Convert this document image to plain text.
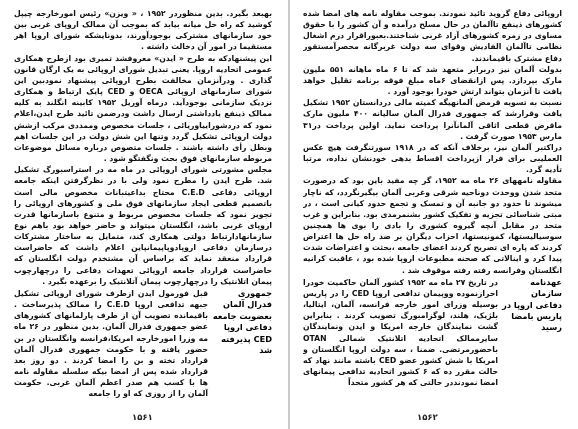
بهبعد بگیرد. بدین منظوردر ۱۹۵۲ ، « ویزن» رئیس امورخارجه چیپل کوشید که راه حل میانه بیابد که بموجب آن ممالک اروپای غربی بین خود سازمانهای مشترکی بوجودآورند، بدونایشکه شورای اروپا اهر مستقیما در امور آن دخالت داشته .

این پیشنهادکه به طرح « ایدن» معروفشد تمیری بود ازطرح همکاری عمومی اتحادیه اروپا. یعنی تبدیل شورای اروپائی به یک ارگان قانون گذاری . ودرآنزمان مخالفت بطرح اروپائی پیشنهاد نمودبین این شورای سازمانهای اروپائی OECA و CED پایک ارتباط و همکاری نزدیک سازمانی بوجودآید. درماه آوریل ۱۹۵۲ کابینه انگلند به کلیه ممالک ذینفع یادداشتی ارسال داشت ودرضمن تائید طرح ایدن،اعلام نمود که دردشوراییاوریائی ، جلسات مخصوص وممددی مرکب ازشش دولت اروپائی تشکیل گردد وتنها این شش دولت در این جلسات اهم وبطل رأی داشته باشند . جلسات متصوص درباره مسائل موضوعات مربوطه سازمانهای فوق بحث ونگفتگو شود .

مجلس مشورتی شورای اروپائی در ماه مه در استراسبورگ تشکیل شد. طرح ایدن را مطرح نمود ولی با در نظرگرفتن اینکه جامعه اروپائی دفاعی C.E.D محتاج بداعیتبانات مخصوص مالی است باتصمیم قطعی ایجاد سازمانهای فوق ملی و کشورهای اروپائی را تجویز نمود که جلسات مخصوص مربوط و متنوع باسازمانها قدرت اروپای غربی باشد، انگلستان میتواند و حاضر خواهد بود باهم نوع سازمانهادارتباط دولتی همکاری کند، متمایل به ساختار مشترکات درسازمان دفاعی اروپادوپاپیمانپاین اعلام داشت که حاضراست قرارداد منعقد نماید که براساس آن مشتخدم دولت انگلستان که حاضراست قرارداد جامعه اروپائی تعهدات دفاعی را درچهارچوب پیمان اتلانتیک را درچهارچوب پیمان آتلانتیک را برعهده بگیرد .

جمهوری فدرال آلمان بعضویت جامعه دفاعی اروپا CED پذیرفته شد
قبل فورمول ایدن ازطرف شورای اروپائی تشکیل جبهه تدافعی اروپا C.E.D را ممالک پذیرساخت . باقیمانده تصویب آن از طرف پارلمانهای کشورهای عضو جمهوری فدرال آلمان. بدین منظور در ۲۶ ماه مه وزرا امورخارجه امریکا،فرانسه وانگلستان در بن حضور یافته و با حکومت جمهوری فدرال آلمان قرارداد تخته و بن را امضا کردند . دو روز بعد قرارداد شده پس از امضا بیکه سلسله مقاوله نامه ها با کسب هم صدر اعظم آلمان غربی. حکومت آلمان را از روزی که او را جامعه
۱۵۶۱

اروپائی دفاع گروید تائید نمودند. بموجب مقاوله نامه های امضا شده کشورهای ذینفع تاآلمان در حال مسلح درآمده و آن کشور را با حقوق مساوی در زمره کشورهای آزاد غربی شناختند.بعبوراقرار درم اشغال نظامی تاآلمان الفادیش وقوای سه دولت غربرگانه محصرآمستقور دفاع مشترک باقیماندند.

بدولت آلمان نیز دربرابر متعهد شد که تا ۶ ماه ماهانه ۵۵۱ ملیون مارک بپردازد. پس ازانقضای ۶ماه مبلغ فوقه برنامه تقلیل خواهد یافت تا آنزمان بتواند ارتش خودرا بوجود آورد .

نسبت به تسویه قرمض آلمانهیگه کمیته مالی دردانستان ۱۹۵۲ تشکیل یافت وقرارشد که جمهوری فدرال آلمان سالیانه ۴۰۰ ملیون مارک ماقرض قطعی اثاقی آلمانآنرا پرداخت نماید. اولین پرداخت در۳۱ مارس ۱۹۵۳ صورت گرفت .

دراکتبر آلمان نیز، برخلاف آنکه که در ۱۹۱۸ سورتنگرفت هیچ عکس العملیبی برای فرار ازپرداخت اقساط بدهی خودنشان نداده، مرتبا تأدیه گرد.

مقاوله نامههای ۲۶ ماه مه ۱۹۵۲، گر چه مفید باین بود که درصورت متحد شدن ووحدت دوناحیه شرقی وغربی آلمان بیگیرنگردد، که ناچار میشوند تا حدود دو جانبه آن و تمسک و تجمع حدود کیانی است ، در مبتی شناسائی تجزیه و تفکیک کشور بشنمرمدی بود. بنابراین و غرب متحد در مقابل آنچه گیروه کشوری را بادی را بوی ها همچنین سوسیالیستها، کمونیستها، احزاب دیگران بر ضد راه حل ها اعتراض کردند که پاره ای تصریح کردند اعضای جامعه ،بحثت و اعتراضات شدت پیدا کرد و اینالاتی که صحنه مطبوعات اروپا شده بود ، عاقبت کرانیه انگلستان وفرانسه رفته رفته موقوف شد .

عهدنامه سازمان دفاعی اروپا در پاریس بامضا رسید
در تاریخ ۲۷ ماه مه ۱۹۵۲ کشور آلمان حاکمیت خودرا احرازنموده ووپیمان تدافعی اروپا CED را در پاریس بوسیله وزرای امور خارجه فرانسه، آلمان، ایتالیا، بلژیک، هلند، لوگزامبورگ تصویب کردند . بنابراین گشت نمایندگان خارجه امریکا و ایدن ونمایندگان سایرممالک اتحادیه اتلانتیک شمالی OTAN باحضورمرتضی. ضمنا ، سه دولت اروپا انگلستان و امریکا با شش کشور عضو CED باشته مانند نهاد که حالت مقرر ده که ۶ کشور اتحادیه تدافعی پیمانهای امضا نمودنددر حالتی که هر کشور متحداً
۱۵۶۲
